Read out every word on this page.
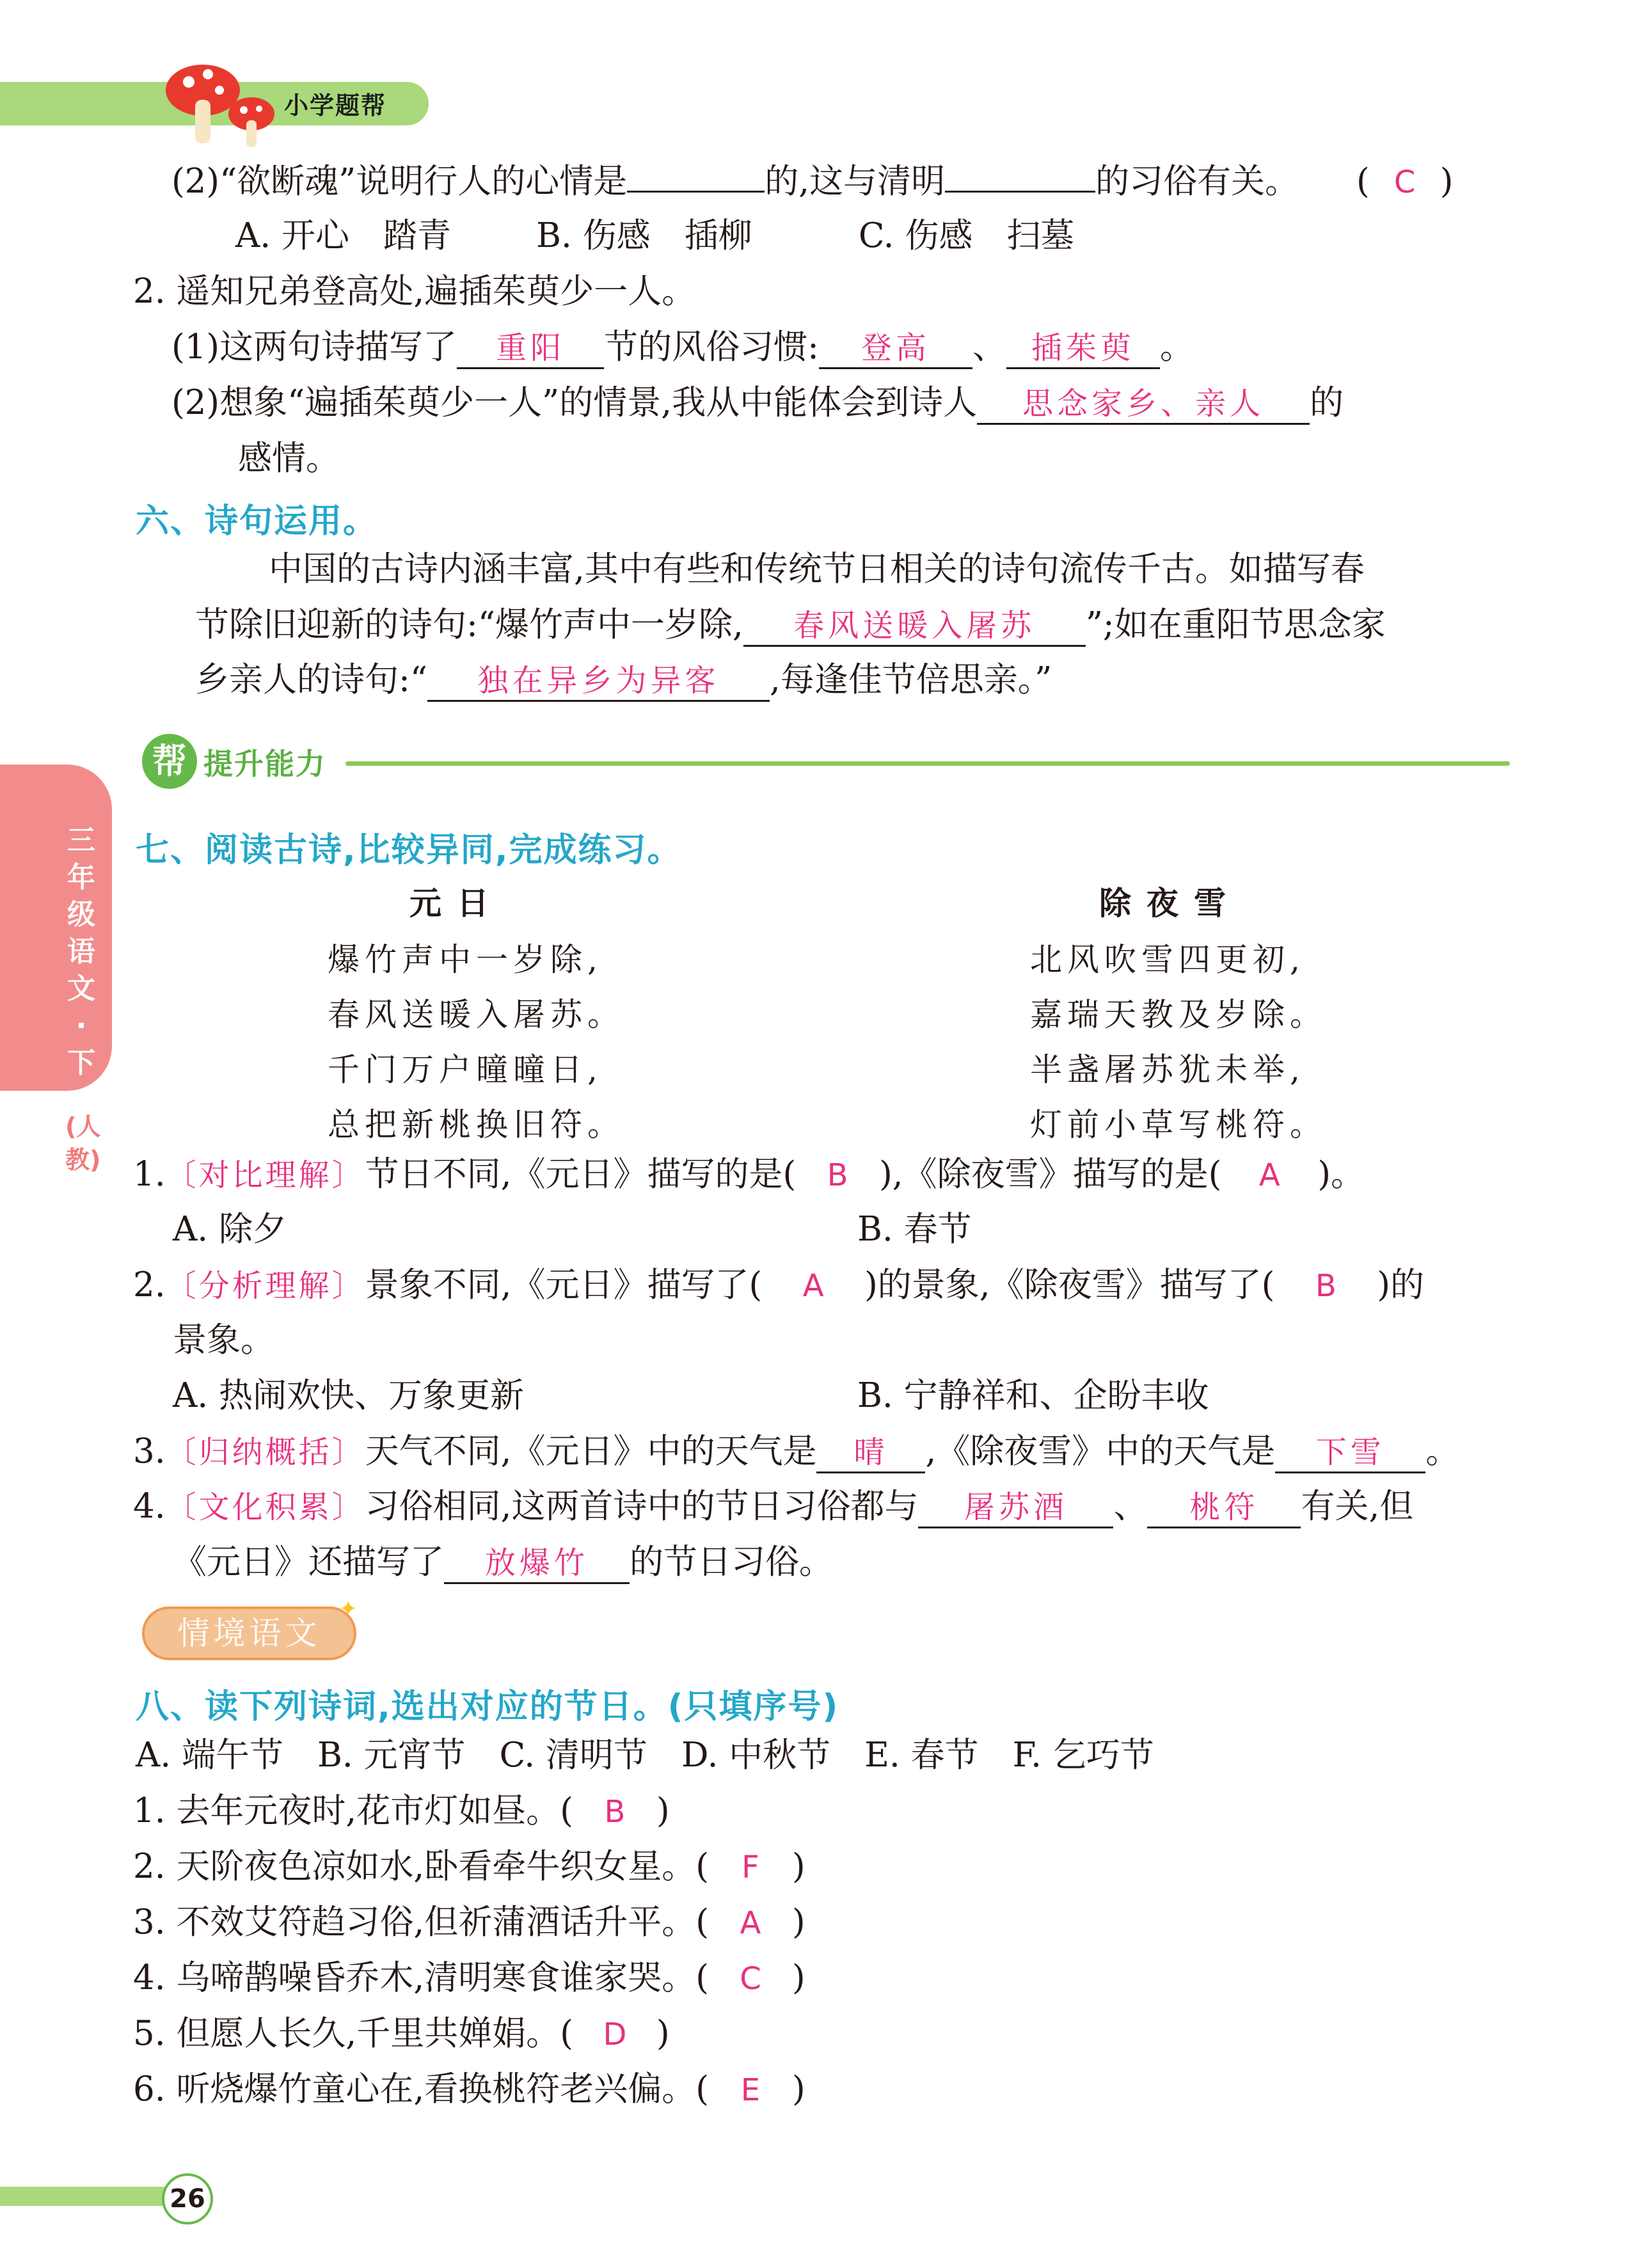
小学题帮
三年级语文·下
(人教)
(2)“欲断魂”说明行人的心情是	的,这与清明	的习俗有关。 ( C )
A. 开心　踏青	B. 伤感　插柳	C. 伤感　扫墓
2. 遥知兄弟登高处,遍插茱萸少一人。
(1)这两句诗描写了 重阳 节的风俗习惯: 登高 、 插茱萸 。
(2)想象“遍插茱萸少一人”的情景,我从中能体会到诗人 思念家乡、亲人 的
感情。
六、诗句运用。
中国的古诗内涵丰富,其中有些和传统节日相关的诗句流传千古。如描写春
节除旧迎新的诗句:“爆竹声中一岁除, 春风送暖入屠苏 ”;如在重阳节思念家
乡亲人的诗句:“ 独在异乡为异客 ,每逢佳节倍思亲。”
帮 提升能力
七、阅读古诗,比较异同,完成练习。
元日
爆竹声中一岁除,
春风送暖入屠苏。
千门万户曈曈日,
总把新桃换旧符。
除夜雪
北风吹雪四更初,
嘉瑞天教及岁除。
半盏屠苏犹未举,
灯前小草写桃符。
1.〔对比理解〕节日不同,《元日》描写的是( B ),《除夜雪》描写的是( A )。
A. 除夕	B. 春节
2.〔分析理解〕景象不同,《元日》描写了( A )的景象,《除夜雪》描写了( B )的
景象。
A. 热闹欢快、万象更新	B. 宁静祥和、企盼丰收
3.〔归纳概括〕天气不同,《元日》中的天气是 晴 ,《除夜雪》中的天气是 下雪 。
4.〔文化积累〕习俗相同,这两首诗中的节日习俗都与 屠苏酒 、 桃符 有关,但
《元日》还描写了 放爆竹 的节日习俗。
情境语文
✦
八、读下列诗词,选出对应的节日。(只填序号)
A. 端午节　B. 元宵节　C. 清明节　D. 中秋节　E. 春节　F. 乞巧节
1. 去年元夜时,花市灯如昼。( B )
2. 天阶夜色凉如水,卧看牵牛织女星。( F )
3. 不效艾符趋习俗,但祈蒲酒话升平。( A )
4. 乌啼鹊噪昏乔木,清明寒食谁家哭。( C )
5. 但愿人长久,千里共婵娟。( D )
6. 听烧爆竹童心在,看换桃符老兴偏。( E )
26
